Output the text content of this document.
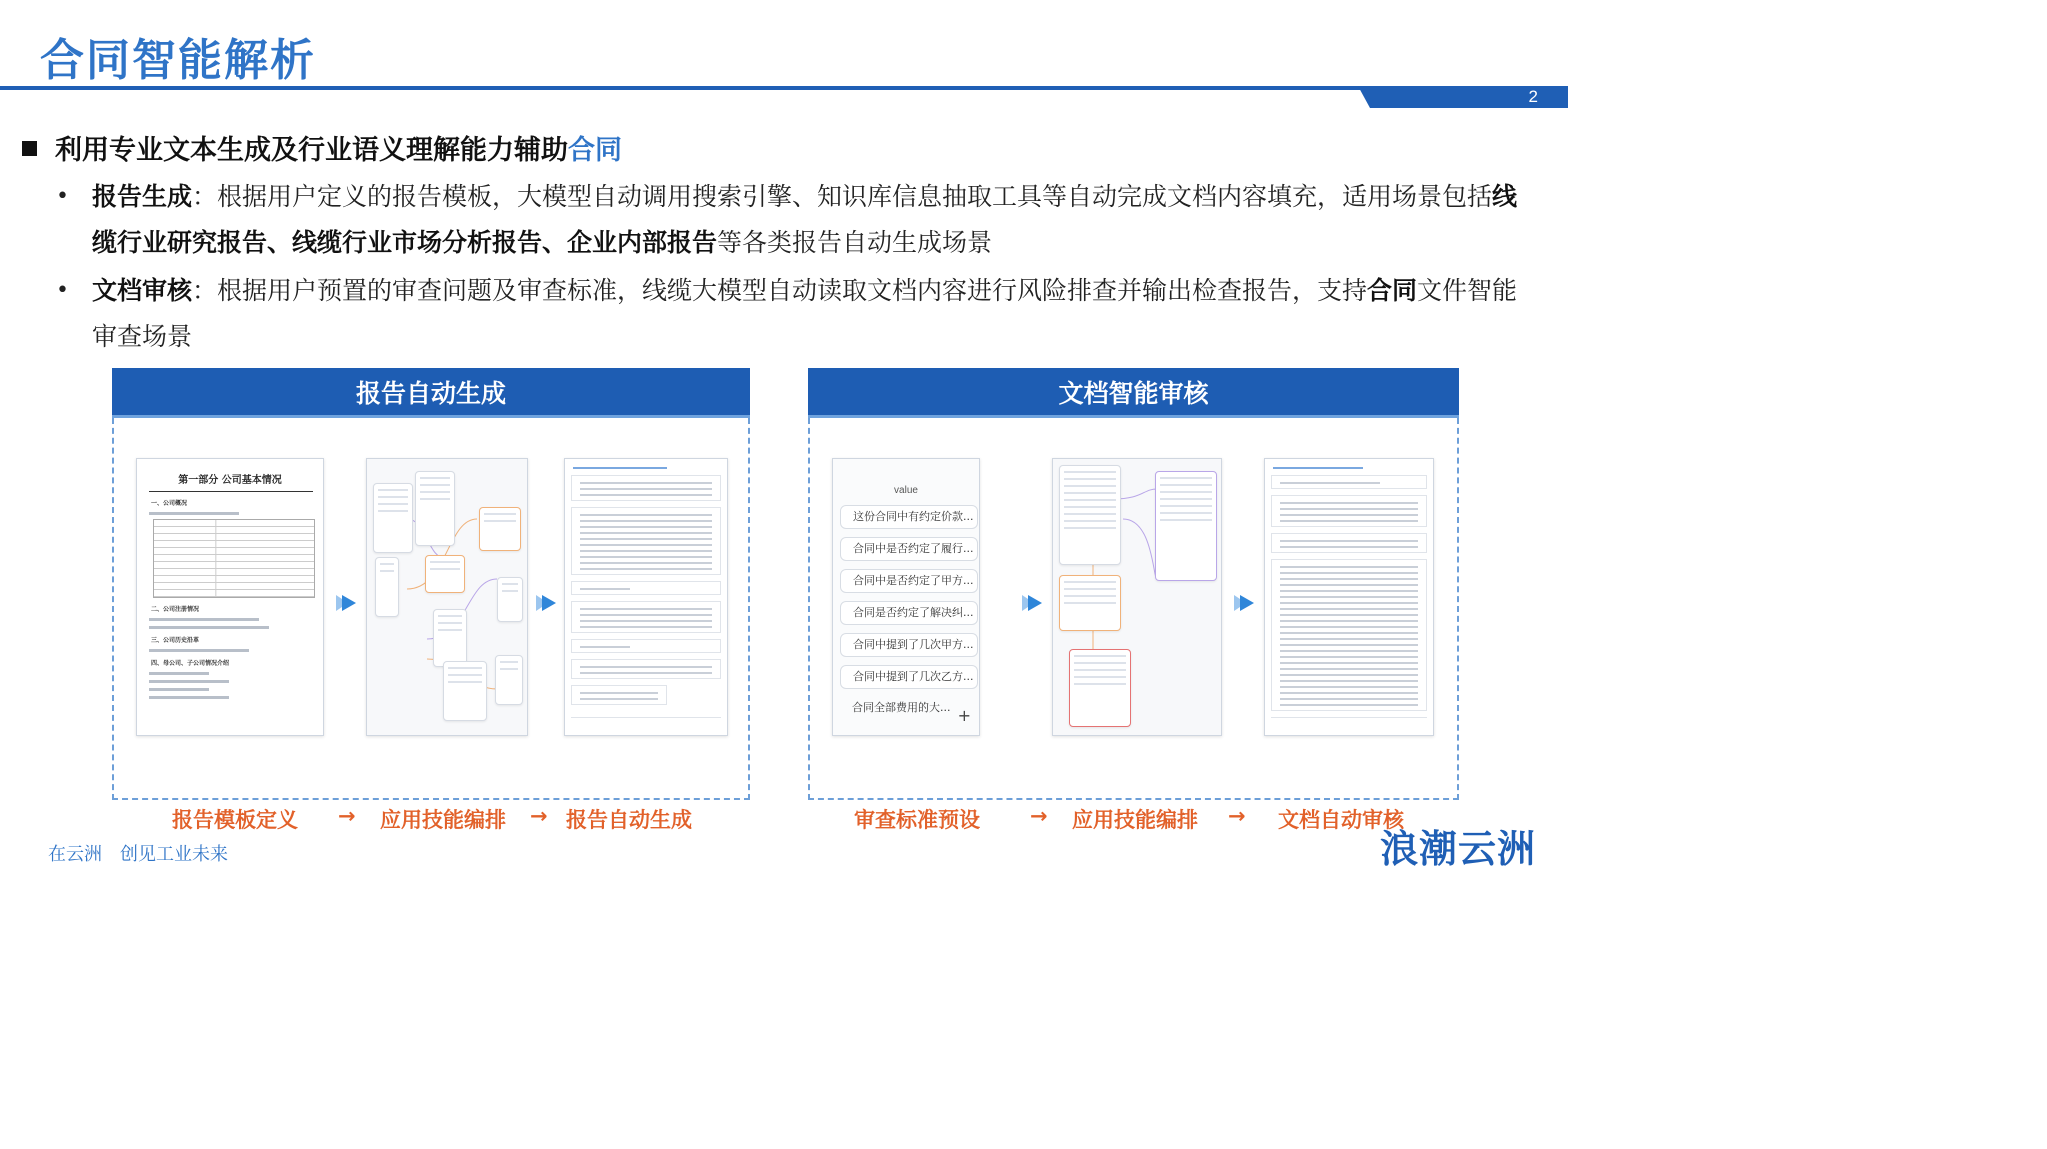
合同智能解析
2
利用专业文本生成及行业语义理解能力辅助合同
• 报告生成：根据用户定义的报告模板，大模型自动调用搜索引擎、知识库信息抽取工具等自动完成文档内容填充，适用场景包括线缆行业研究报告、线缆行业市场分析报告、企业内部报告等各类报告自动生成场景
• 文档审核：根据用户预置的审查问题及审查标准，线缆大模型自动读取文档内容进行风险排查并输出检查报告，支持合同文件智能审查场景
报告自动生成
第一部分 公司基本情况
一、公司概况
二、公司注册情况
三、公司历史沿革
四、母公司、子公司情况介绍
报告模板定义 → 应用技能编排 → 报告自动生成
文档智能审核
value
这份合同中有约定价款...
合同中是否约定了履行...
合同中是否约定了甲方...
合同是否约定了解决纠...
合同中提到了几次甲方...
合同中提到了几次乙方...
合同全部费用的大... +
审查标准预设 → 应用技能编排 → 文档自动审核
在云洲 创见工业未来	浪潮云洲
